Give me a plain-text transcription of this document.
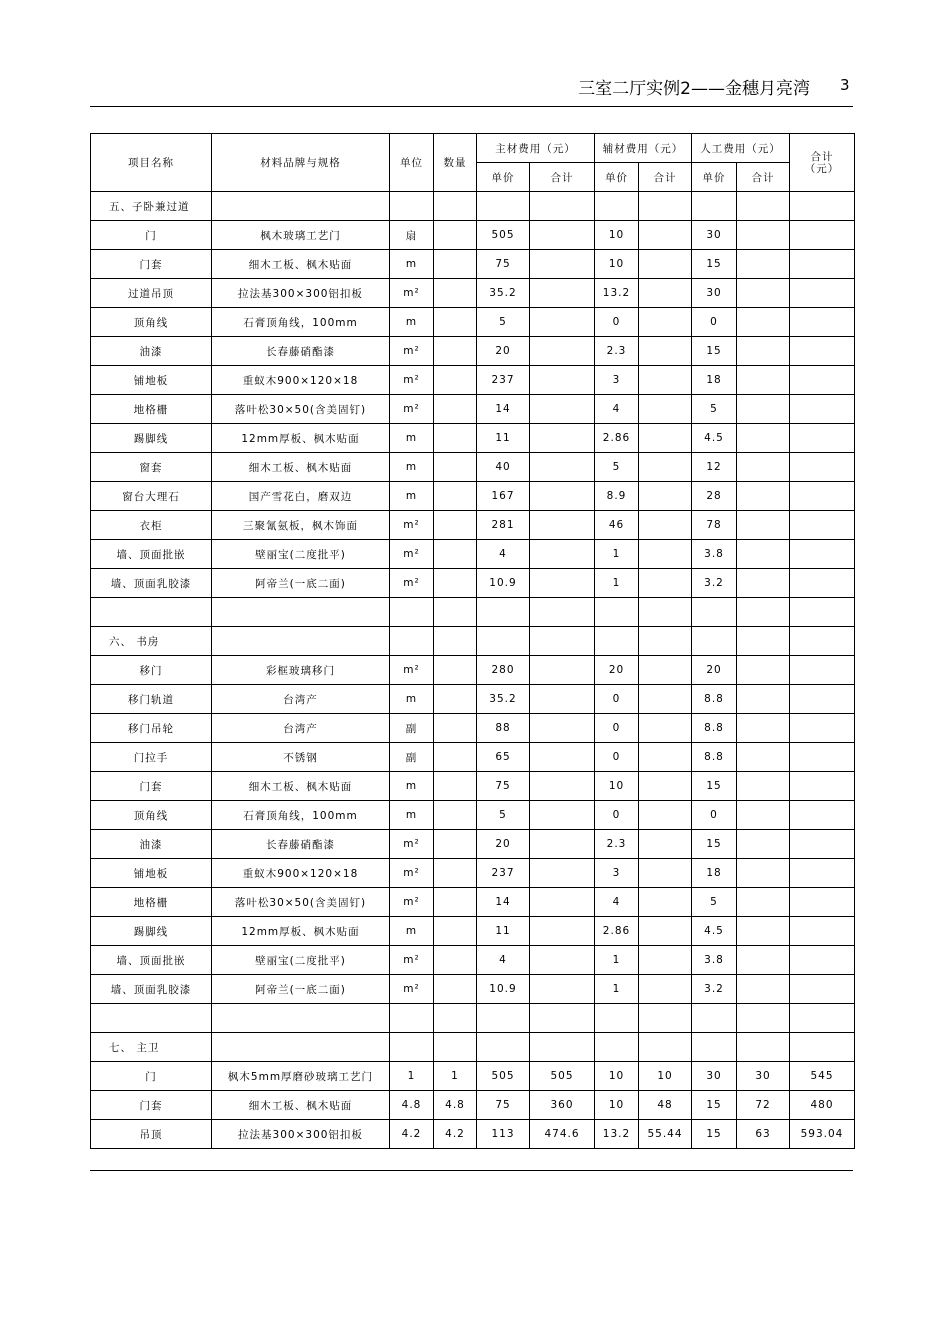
三室二厅实例2——金穗月亮湾 3
项目名称	材料品牌与规格	单位	数量	主材费用（元）		辅材费用（元）		人工费用（元）		合计
（元）

				单价	合计	单价	合计	单价	合计	
五、子卧兼过道										
门	枫木玻璃工艺门	扇		505		10		30		
门套	细木工板、枫木贴面	m		75		10		15		
过道吊顶	拉法基300×300铝扣板	m²		35.2		13.2		30		
顶角线	石膏顶角线，100mm	m		5		0		0		
油漆	长春藤硝酯漆	m²		20		2.3		15		
铺地板	重蚁木900×120×18	m²		237		3		18		
地格栅	落叶松30×50(含美固钉)	m²		14		4		5		
踢脚线	12mm厚板、枫木贴面	m		11		2.86		4.5		
窗套	细木工板、枫木贴面	m		40		5		12		
窗台大理石	国产雪花白，磨双边	m		167		8.9		28		
衣柜	三聚氰氨板，枫木饰面	m²		281		46		78		
墙、顶面批嵌	壁丽宝(二度批平)	m²		4		1		3.8		
墙、顶面乳胶漆	阿帝兰(一底二面)	m²		10.9		1		3.2		

六、 书房										
移门	彩框玻璃移门	m²		280		20		20		
移门轨道	台湾产	m		35.2		0		8.8		
移门吊轮	台湾产	副		88		0		8.8		
门拉手	不锈钢	副		65		0		8.8		
门套	细木工板、枫木贴面	m		75		10		15		
顶角线	石膏顶角线，100mm	m		5		0		0		
油漆	长春藤硝酯漆	m²		20		2.3		15		
铺地板	重蚁木900×120×18	m²		237		3		18		
地格栅	落叶松30×50(含美固钉)	m²		14		4		5		
踢脚线	12mm厚板、枫木贴面	m		11		2.86		4.5		
墙、顶面批嵌	壁丽宝(二度批平)	m²		4		1		3.8		
墙、顶面乳胶漆	阿帝兰(一底二面)	m²		10.9		1		3.2		

七、 主卫										
门	枫木5mm厚磨砂玻璃工艺门	1	1	505	505	10	10	30	30	545
门套	细木工板、枫木贴面	4.8	4.8	75	360	10	48	15	72	480
吊顶	拉法基300×300铝扣板	4.2	4.2	113	474.6	13.2	55.44	15	63	593.04
